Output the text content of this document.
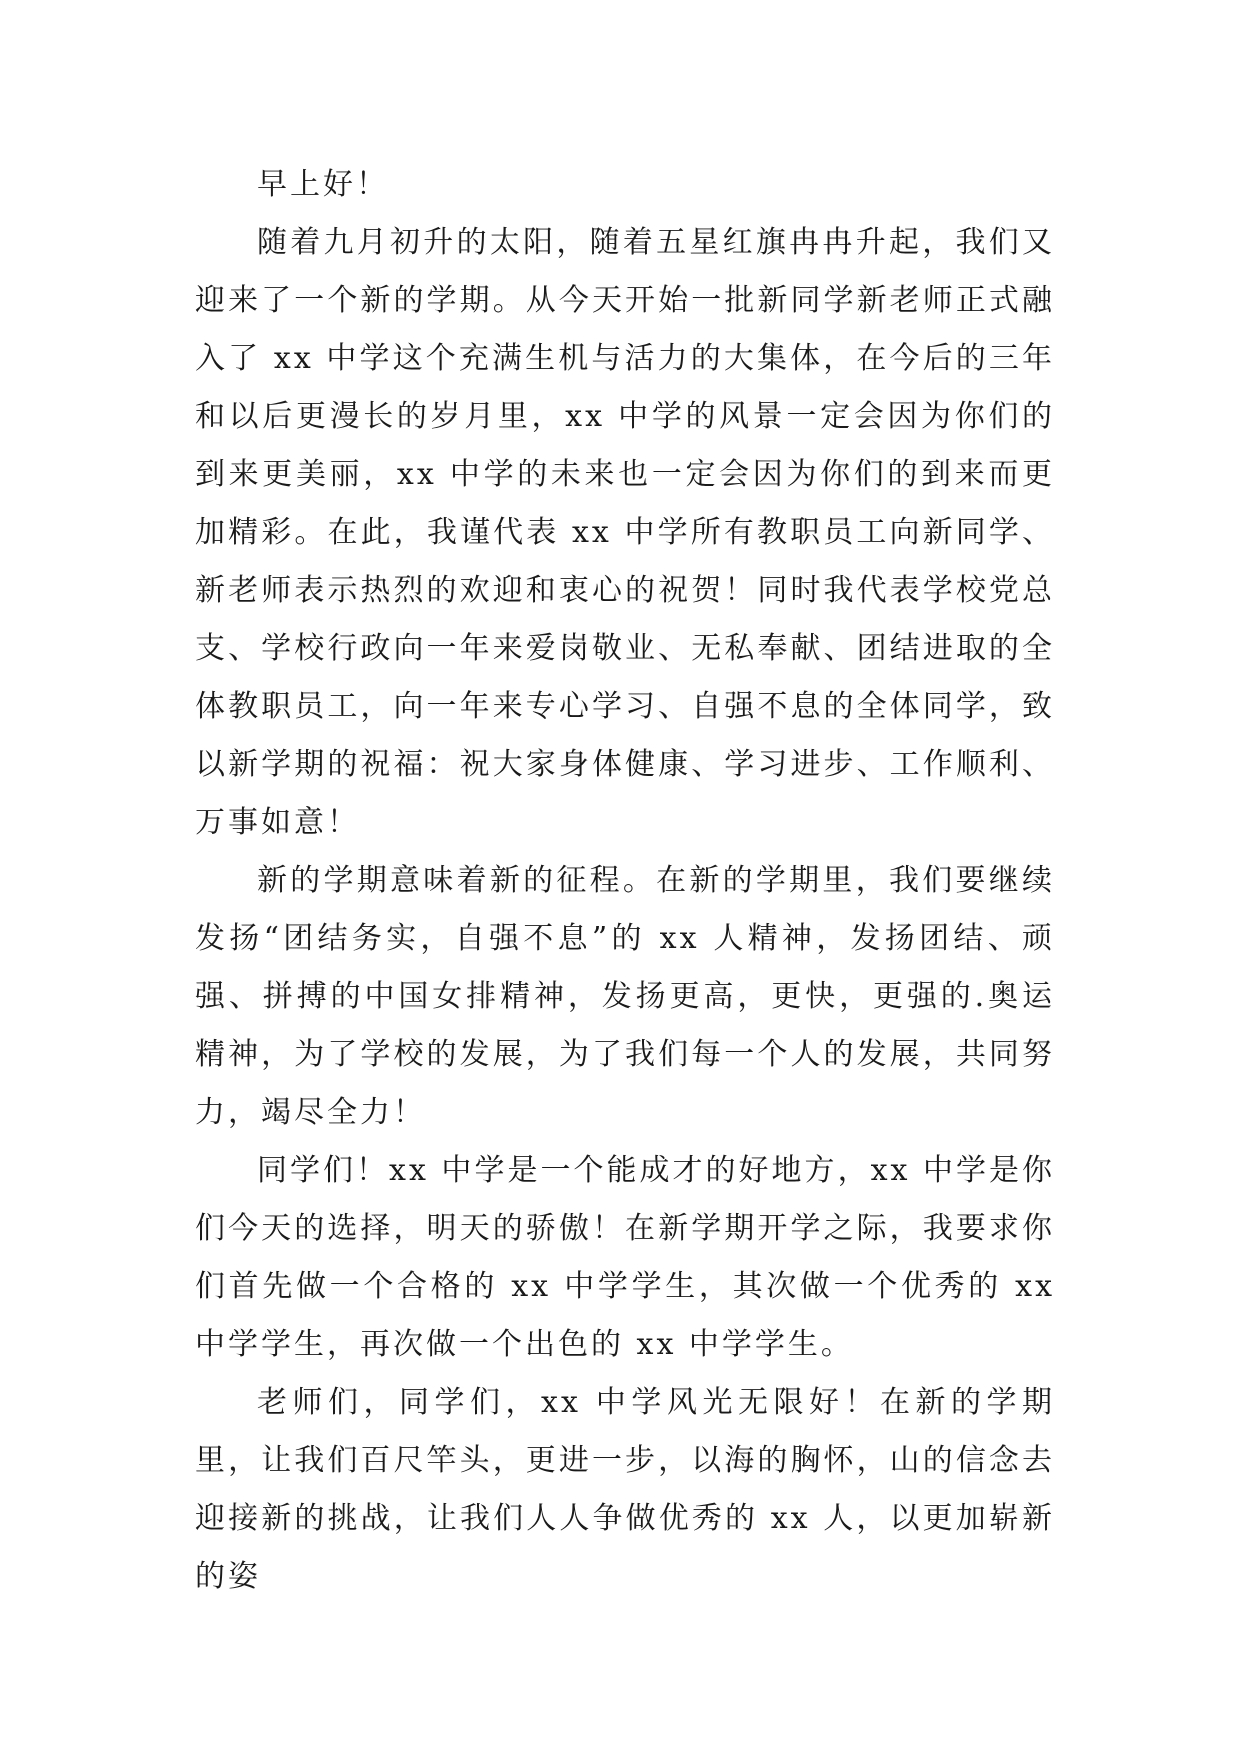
早上好！

随着九月初升的太阳，随着五星红旗冉冉升起，我们又迎来了一个新的学期。从今天开始一批新同学新老师正式融入了 xx 中学这个充满生机与活力的大集体，在今后的三年和以后更漫长的岁月里，xx 中学的风景一定会因为你们的到来更美丽，xx 中学的未来也一定会因为你们的到来而更加精彩。在此，我谨代表 xx 中学所有教职员工向新同学、新老师表示热烈的欢迎和衷心的祝贺！同时我代表学校党总支、学校行政向一年来爱岗敬业、无私奉献、团结进取的全体教职员工，向一年来专心学习、自强不息的全体同学，致以新学期的祝福：祝大家身体健康、学习进步、工作顺利、万事如意！

新的学期意味着新的征程。在新的学期里，我们要继续发扬“团结务实，自强不息”的 xx 人精神，发扬团结、顽强、拼搏的中国女排精神，发扬更高，更快，更强的.奥运精神，为了学校的发展，为了我们每一个人的发展，共同努力，竭尽全力！

同学们！xx 中学是一个能成才的好地方，xx 中学是你们今天的选择，明天的骄傲！在新学期开学之际，我要求你们首先做一个合格的 xx 中学学生，其次做一个优秀的 xx 中学学生，再次做一个出色的 xx 中学学生。

老师们，同学们，xx 中学风光无限好！在新的学期里，让我们百尺竿头，更进一步，以海的胸怀，山的信念去迎接新的挑战，让我们人人争做优秀的 xx 人，以更加崭新的姿
